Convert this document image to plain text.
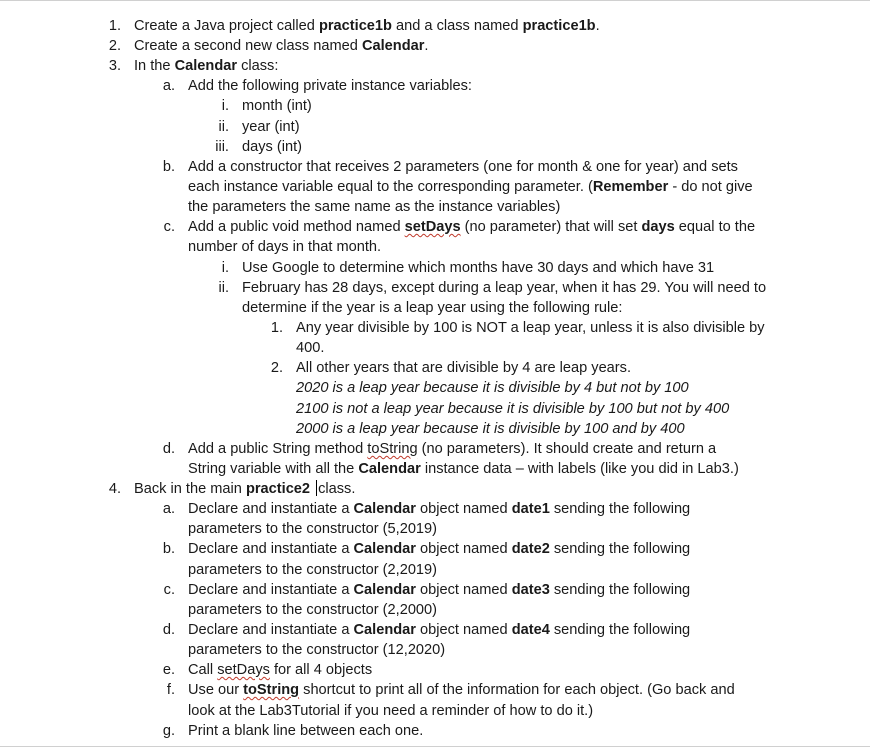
1. Create a Java project called practice1b and a class named practice1b.
2. Create a second new class named Calendar.
3. In the Calendar class:
a. Add the following private instance variables:
i. month (int)
ii. year (int)
iii. days (int)
b. Add a constructor that receives 2 parameters (one for month & one for year) and sets
each instance variable equal to the corresponding parameter. (Remember - do not give
the parameters the same name as the instance variables)
c. Add a public void method named setDays (no parameter) that will set days equal to the
number of days in that month.
i. Use Google to determine which months have 30 days and which have 31
ii. February has 28 days, except during a leap year, when it has 29. You will need to
determine if the year is a leap year using the following rule:
1. Any year divisible by 100 is NOT a leap year, unless it is also divisible by
400.
2. All other years that are divisible by 4 are leap years.
2020 is a leap year because it is divisible by 4 but not by 100
2100 is not a leap year because it is divisible by 100 but not by 400
2000 is a leap year because it is divisible by 100 and by 400
d. Add a public String method toString (no parameters). It should create and return a
String variable with all the Calendar instance data – with labels (like you did in Lab3.)
4. Back in the main practice2 class.
a. Declare and instantiate a Calendar object named date1 sending the following
parameters to the constructor (5,2019)
b. Declare and instantiate a Calendar object named date2 sending the following
parameters to the constructor (2,2019)
c. Declare and instantiate a Calendar object named date3 sending the following
parameters to the constructor (2,2000)
d. Declare and instantiate a Calendar object named date4 sending the following
parameters to the constructor (12,2020)
e. Call setDays for all 4 objects
f. Use our toString shortcut to print all of the information for each object. (Go back and
look at the Lab3Tutorial if you need a reminder of how to do it.)
g. Print a blank line between each one.
